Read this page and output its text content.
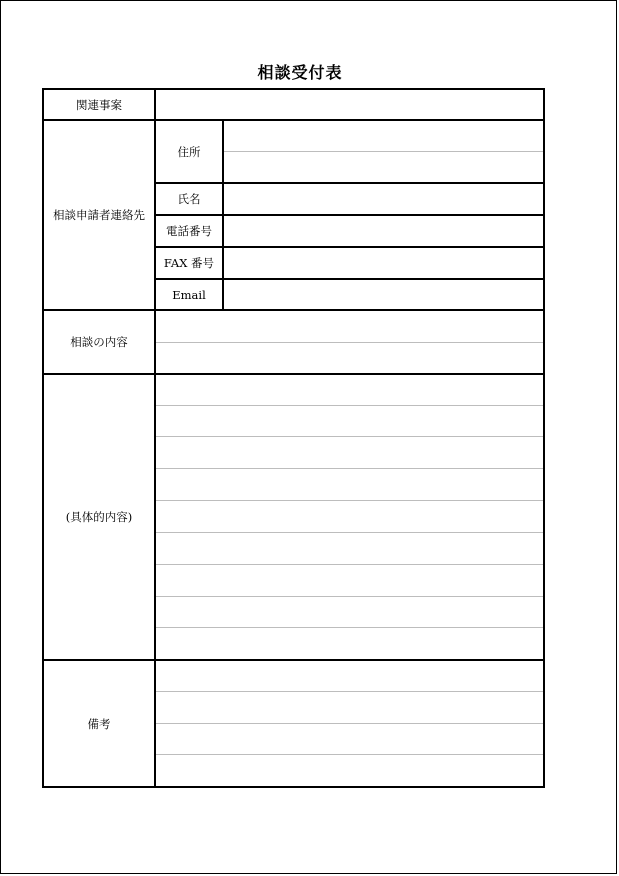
相談受付表
関連事案
相談申請者連絡先
住所
氏名
電話番号
FAX 番号
Email
相談の内容
(具体的内容)
備考
